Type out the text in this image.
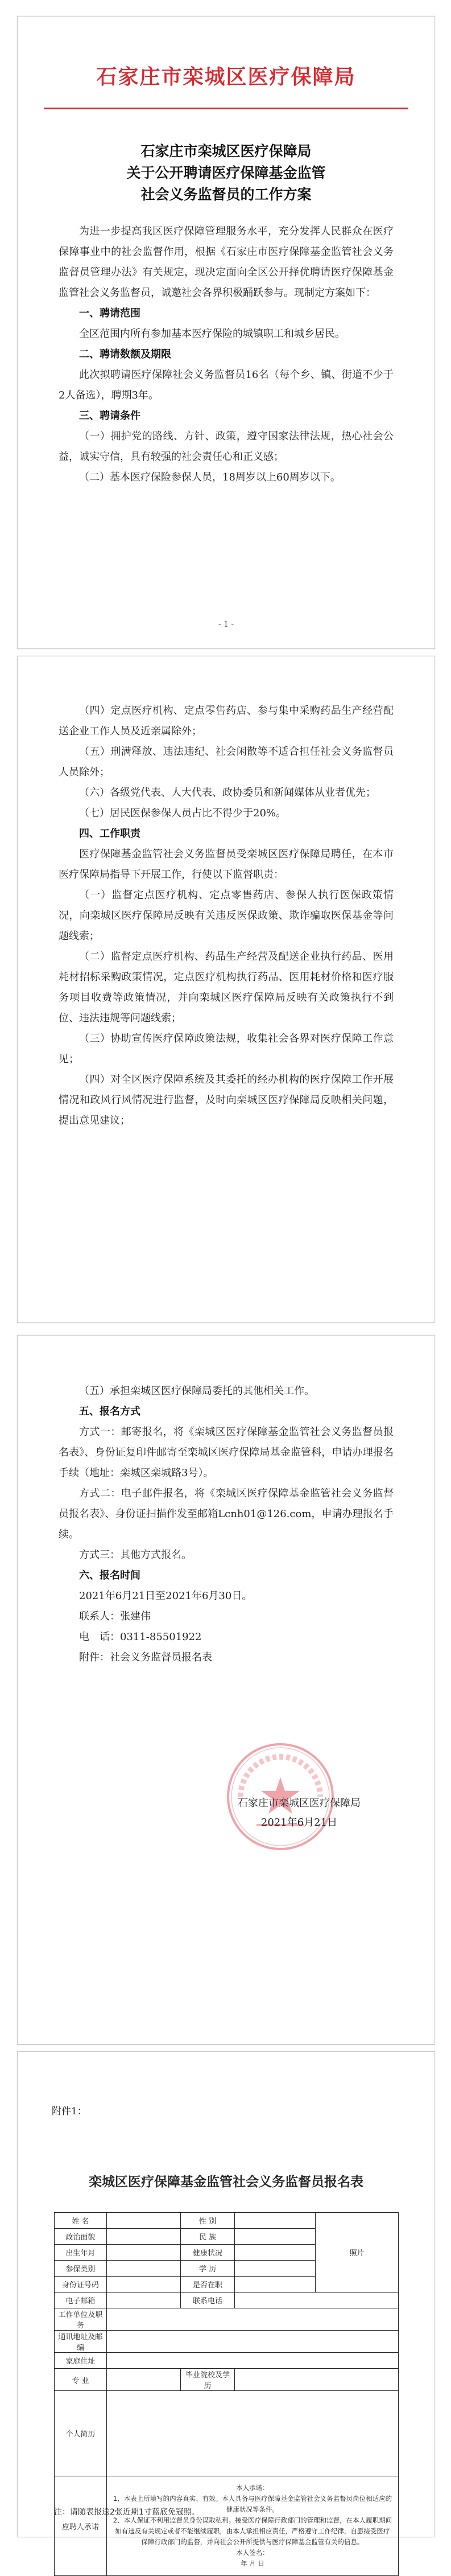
石家庄市栾城区医疗保障局
石家庄市栾城区医疗保障局
关于公开聘请医疗保障基金监管
社会义务监督员的工作方案

为进一步提高我区医疗保障管理服务水平，充分发挥人民群众在医疗保障事业中的社会监督作用，根据《石家庄市医疗保障基金监管社会义务监督员管理办法》有关规定，现决定面向全区公开择优聘请医疗保障基金监管社会义务监督员，诚邀社会各界积极踊跃参与。现制定方案如下：

一、聘请范围

全区范围内所有参加基本医疗保险的城镇职工和城乡居民。

二、聘请数额及期限

此次拟聘请医疗保障社会义务监督员16名（每个乡、镇、街道不少于2人备选），聘期3年。

三、聘请条件

（一）拥护党的路线、方针、政策，遵守国家法律法规，热心社会公益，诚实守信，具有较强的社会责任心和正义感；

（二）基本医疗保险参保人员，18周岁以上60周岁以下。

- 1 -

（四）定点医疗机构、定点零售药店、参与集中采购药品生产经营配送企业工作人员及近亲属除外；

（五）刑满释放、违法违纪、社会闲散等不适合担任社会义务监督员人员除外；

（六）各级党代表、人大代表、政协委员和新闻媒体从业者优先；

（七）居民医保参保人员占比不得少于20%。

四、工作职责

医疗保障基金监管社会义务监督员受栾城区医疗保障局聘任，在本市医疗保障局指导下开展工作，行使以下监督职责：

（一）监督定点医疗机构、定点零售药店、参保人执行医保政策情况，向栾城区医疗保障局反映有关违反医保政策、欺诈骗取医保基金等问题线索；

（二）监督定点医疗机构、药品生产经营及配送企业执行药品、医用耗材招标采购政策情况，定点医疗机构执行药品、医用耗材价格和医疗服务项目收费等政策情况，并向栾城区医疗保障局反映有关政策执行不到位、违法违规等问题线索；

（三）协助宣传医疗保障政策法规，收集社会各界对医疗保障工作意见；

（四）对全区医疗保障系统及其委托的经办机构的医疗保障工作开展情况和政风行风情况进行监督，及时向栾城区医疗保障局反映相关问题，提出意见建议；

（五）承担栾城区医疗保障局委托的其他相关工作。

五、报名方式

方式一：邮寄报名，将《栾城区医疗保障基金监管社会义务监督员报名表》、身份证复印件邮寄至栾城区医疗保障局基金监管科，申请办理报名手续（地址：栾城区栾城路3号）。

方式二：电子邮件报名，将《栾城区医疗保障基金监管社会义务监督员报名表》、身份证扫描件发至邮箱Lcnh01@126.com，申请办理报名手续。

方式三：其他方式报名。

六、报名时间

2021年6月21日至2021年6月30日。

联系人：张建伟

电　话：0311-85501922

附件：社会义务监督员报名表

石家庄市栾城区医疗保障局
2021年6月21日
附件1：
栾城区医疗保障基金监管社会义务监督员报名表
姓 名		性 别		照片
政治面貌		民 族		
出生年月		健康状况		
参保类别		学 历		
身份证号码		是否在职		
电子邮箱		联系电话		
工作单位及职务				
通讯地址及邮编				
家庭住址				
专 业		毕业院校及学历		
个人简历				
应聘人承诺	本人承诺：
1、本表上所填写的内容真实、有效。本人具备与医疗保障基金监管社会义务监督员岗位相适应的健康状况等条件。
2、本人保证不利用监督员身份谋取私利。接受医疗保障行政部门的管理和监督，在本人履职期间如有违反有关规定或者不能继续履职，由本人承担相应责任，严格遵守工作纪律，自愿接受医疗保障行政部门的监督，并向社会公开所提供与医疗保障基金监管有关的信息。
本人签名：
年 月 日			
注：请随表报送2张近期1寸蓝底免冠照。
